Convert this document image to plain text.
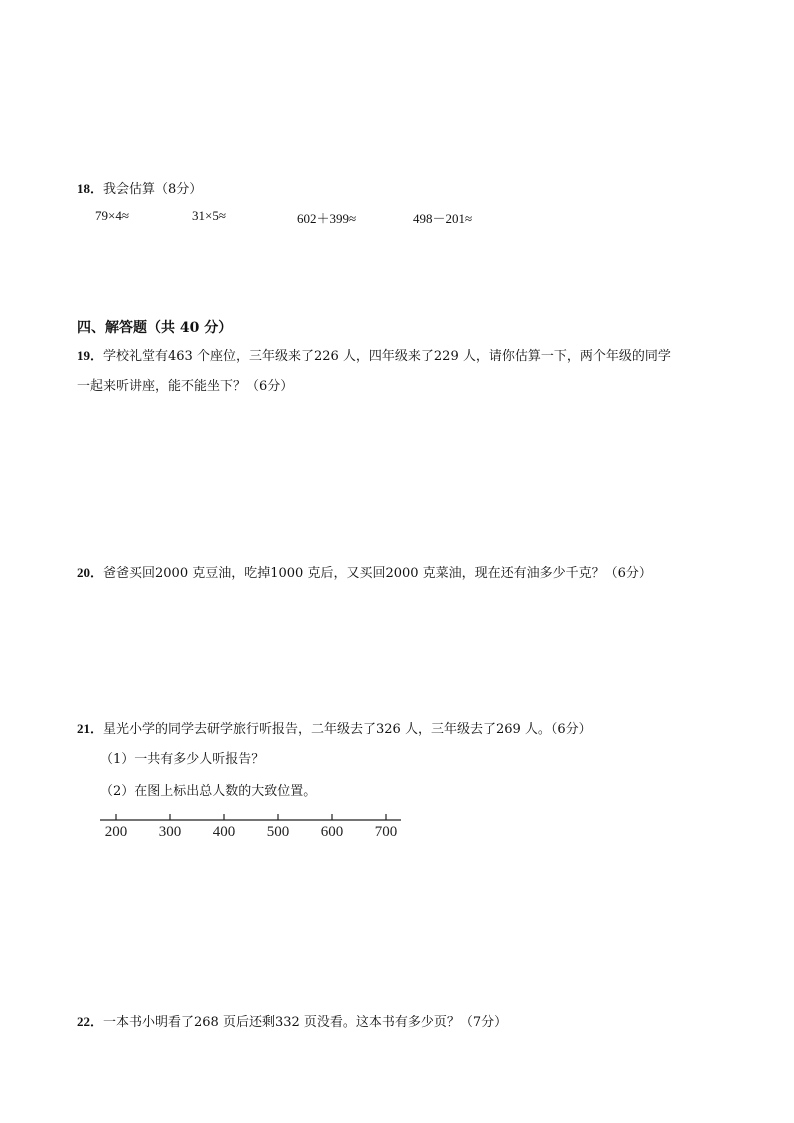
18．我会估算（8分）
79×4≈	31×5≈	602＋399≈	498－201≈
四、解答题（共 40 分）
19．学校礼堂有463 个座位，三年级来了226 人，四年级来了229 人，请你估算一下，两个年级的同学
一起来听讲座，能不能坐下？（6分）
20．爸爸买回2000 克豆油，吃掉1000 克后，又买回2000 克菜油，现在还有油多少千克？（6分）
21．星光小学的同学去研学旅行听报告，二年级去了326 人，三年级去了269 人。（6分）
（1）一共有多少人听报告？
（2）在图上标出总人数的大致位置。
200 300 400 500 600 700
22．一本书小明看了268 页后还剩332 页没看。这本书有多少页？（7分）
